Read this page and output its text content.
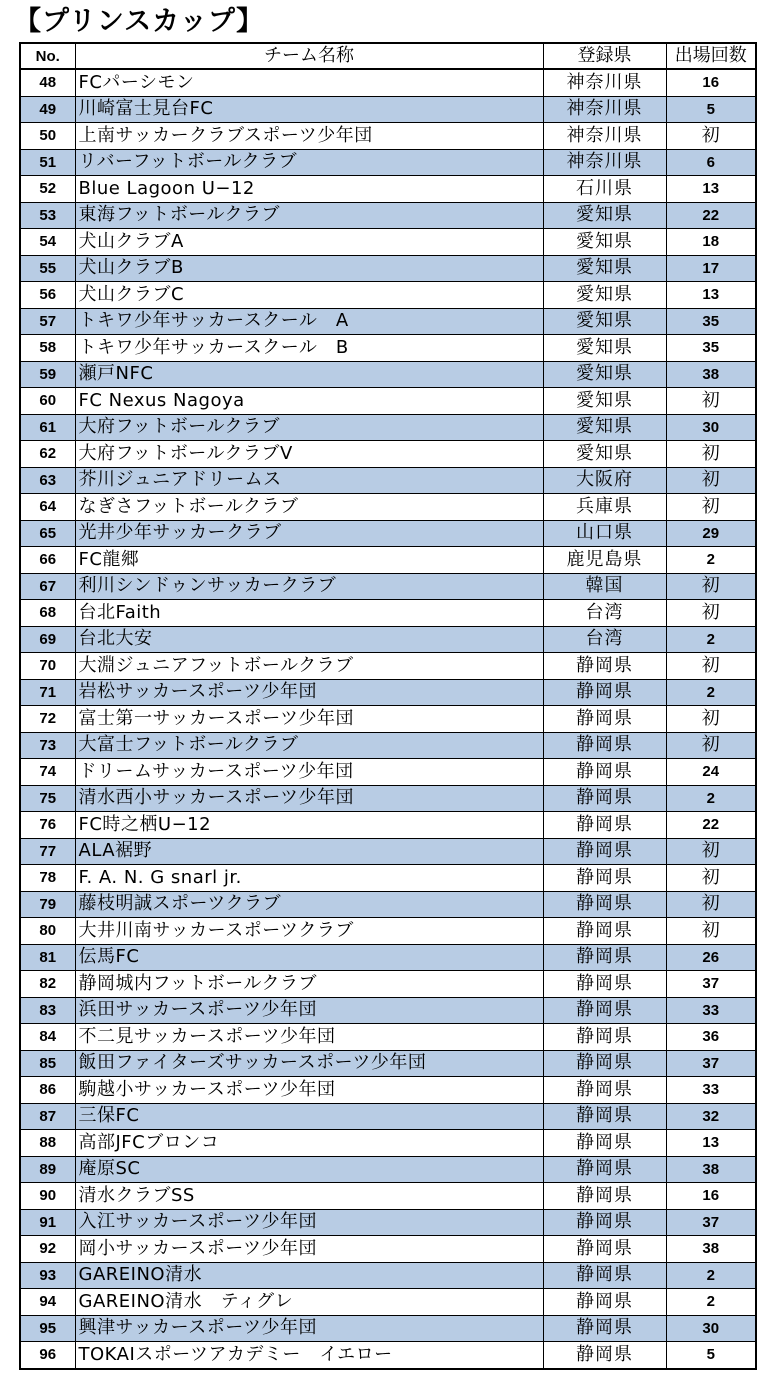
【プリンスカップ】
No.	チーム名称	登録県	出場回数
48	FCパーシモン	神奈川県	16
49	川崎富士見台FC	神奈川県	5
50	上南サッカークラブスポーツ少年団	神奈川県	初
51	リバーフットボールクラブ	神奈川県	6
52	Blue Lagoon U−12	石川県	13
53	東海フットボールクラブ	愛知県	22
54	犬山クラブA	愛知県	18
55	犬山クラブB	愛知県	17
56	犬山クラブC	愛知県	13
57	トキワ少年サッカースクール　A	愛知県	35
58	トキワ少年サッカースクール　B	愛知県	35
59	瀬戸NFC	愛知県	38
60	FC Nexus Nagoya	愛知県	初
61	大府フットボールクラブ	愛知県	30
62	大府フットボールクラブV	愛知県	初
63	芥川ジュニアドリームス	大阪府	初
64	なぎさフットボールクラブ	兵庫県	初
65	光井少年サッカークラブ	山口県	29
66	FC龍郷	鹿児島県	2
67	利川シンドゥンサッカークラブ	韓国	初
68	台北Faith	台湾	初
69	台北大安	台湾	2
70	大淵ジュニアフットボールクラブ	静岡県	初
71	岩松サッカースポーツ少年団	静岡県	2
72	富士第一サッカースポーツ少年団	静岡県	初
73	大富士フットボールクラブ	静岡県	初
74	ドリームサッカースポーツ少年団	静岡県	24
75	清水西小サッカースポーツ少年団	静岡県	2
76	FC時之栖U−12	静岡県	22
77	ALA裾野	静岡県	初
78	F. A. N. G snarl jr.	静岡県	初
79	藤枝明誠スポーツクラブ	静岡県	初
80	大井川南サッカースポーツクラブ	静岡県	初
81	伝馬FC	静岡県	26
82	静岡城内フットボールクラブ	静岡県	37
83	浜田サッカースポーツ少年団	静岡県	33
84	不二見サッカースポーツ少年団	静岡県	36
85	飯田ファイターズサッカースポーツ少年団	静岡県	37
86	駒越小サッカースポーツ少年団	静岡県	33
87	三保FC	静岡県	32
88	高部JFCブロンコ	静岡県	13
89	庵原SC	静岡県	38
90	清水クラブSS	静岡県	16
91	入江サッカースポーツ少年団	静岡県	37
92	岡小サッカースポーツ少年団	静岡県	38
93	GAREINO清水	静岡県	2
94	GAREINO清水　ティグレ	静岡県	2
95	興津サッカースポーツ少年団	静岡県	30
96	TOKAIスポーツアカデミー　イエロー	静岡県	5
